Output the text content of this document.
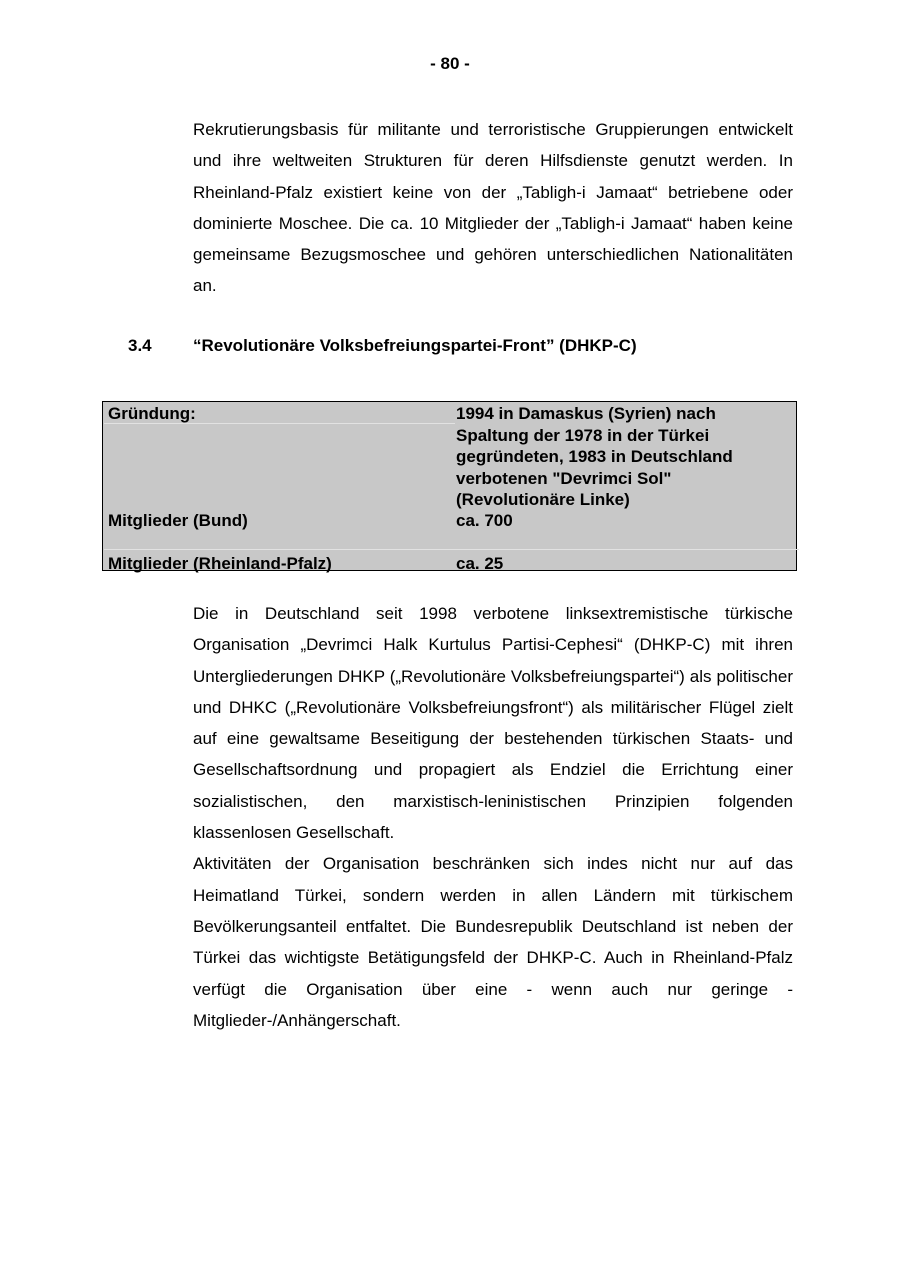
- 80 -

Rekrutierungsbasis für militante und terroristische Gruppierungen entwickelt und ihre weltweiten Strukturen für deren Hilfsdienste genutzt werden. In Rheinland-Pfalz existiert keine von der „Tabligh-i Jamaat“ betriebene oder dominierte Moschee. Die ca. 10 Mitglieder der „Tabligh-i Jamaat“ haben keine gemeinsame Bezugsmoschee und gehören unterschiedlichen Nationalitäten an.

3.4	“Revolutionäre Volksbefreiungspartei-Front” (DHKP-C)
Gründung:	1994 in Damaskus (Syrien) nach Spaltung der 1978 in der Türkei gegründeten, 1983 in Deutschland verbotenen "Devrimci Sol" (Revolutionäre Linke)
Mitglieder (Bund)	ca. 700
Mitglieder (Rheinland-Pfalz)	ca. 25

Die in Deutschland seit 1998 verbotene linksextremistische türkische Organisation „Devrimci Halk Kurtulus Partisi-Cephesi“ (DHKP-C) mit ihren Untergliederungen DHKP („Revolutionäre Volksbefreiungspartei“) als politischer und DHKC („Revolutionäre Volksbefreiungsfront“) als militärischer Flügel zielt auf eine gewaltsame Beseitigung der bestehenden türkischen Staats- und Gesellschaftsordnung und propagiert als Endziel die Errichtung einer sozialistischen, den marxistisch-leninistischen Prinzipien folgenden klassenlosen Gesellschaft.

Aktivitäten der Organisation beschränken sich indes nicht nur auf das Heimatland Türkei, sondern werden in allen Ländern mit türkischem Bevölkerungsanteil entfaltet. Die Bundesrepublik Deutschland ist neben der Türkei das wichtigste Betätigungsfeld der DHKP-C. Auch in Rheinland-Pfalz verfügt die Organisation über eine - wenn auch nur geringe - Mitglieder-/Anhängerschaft.
